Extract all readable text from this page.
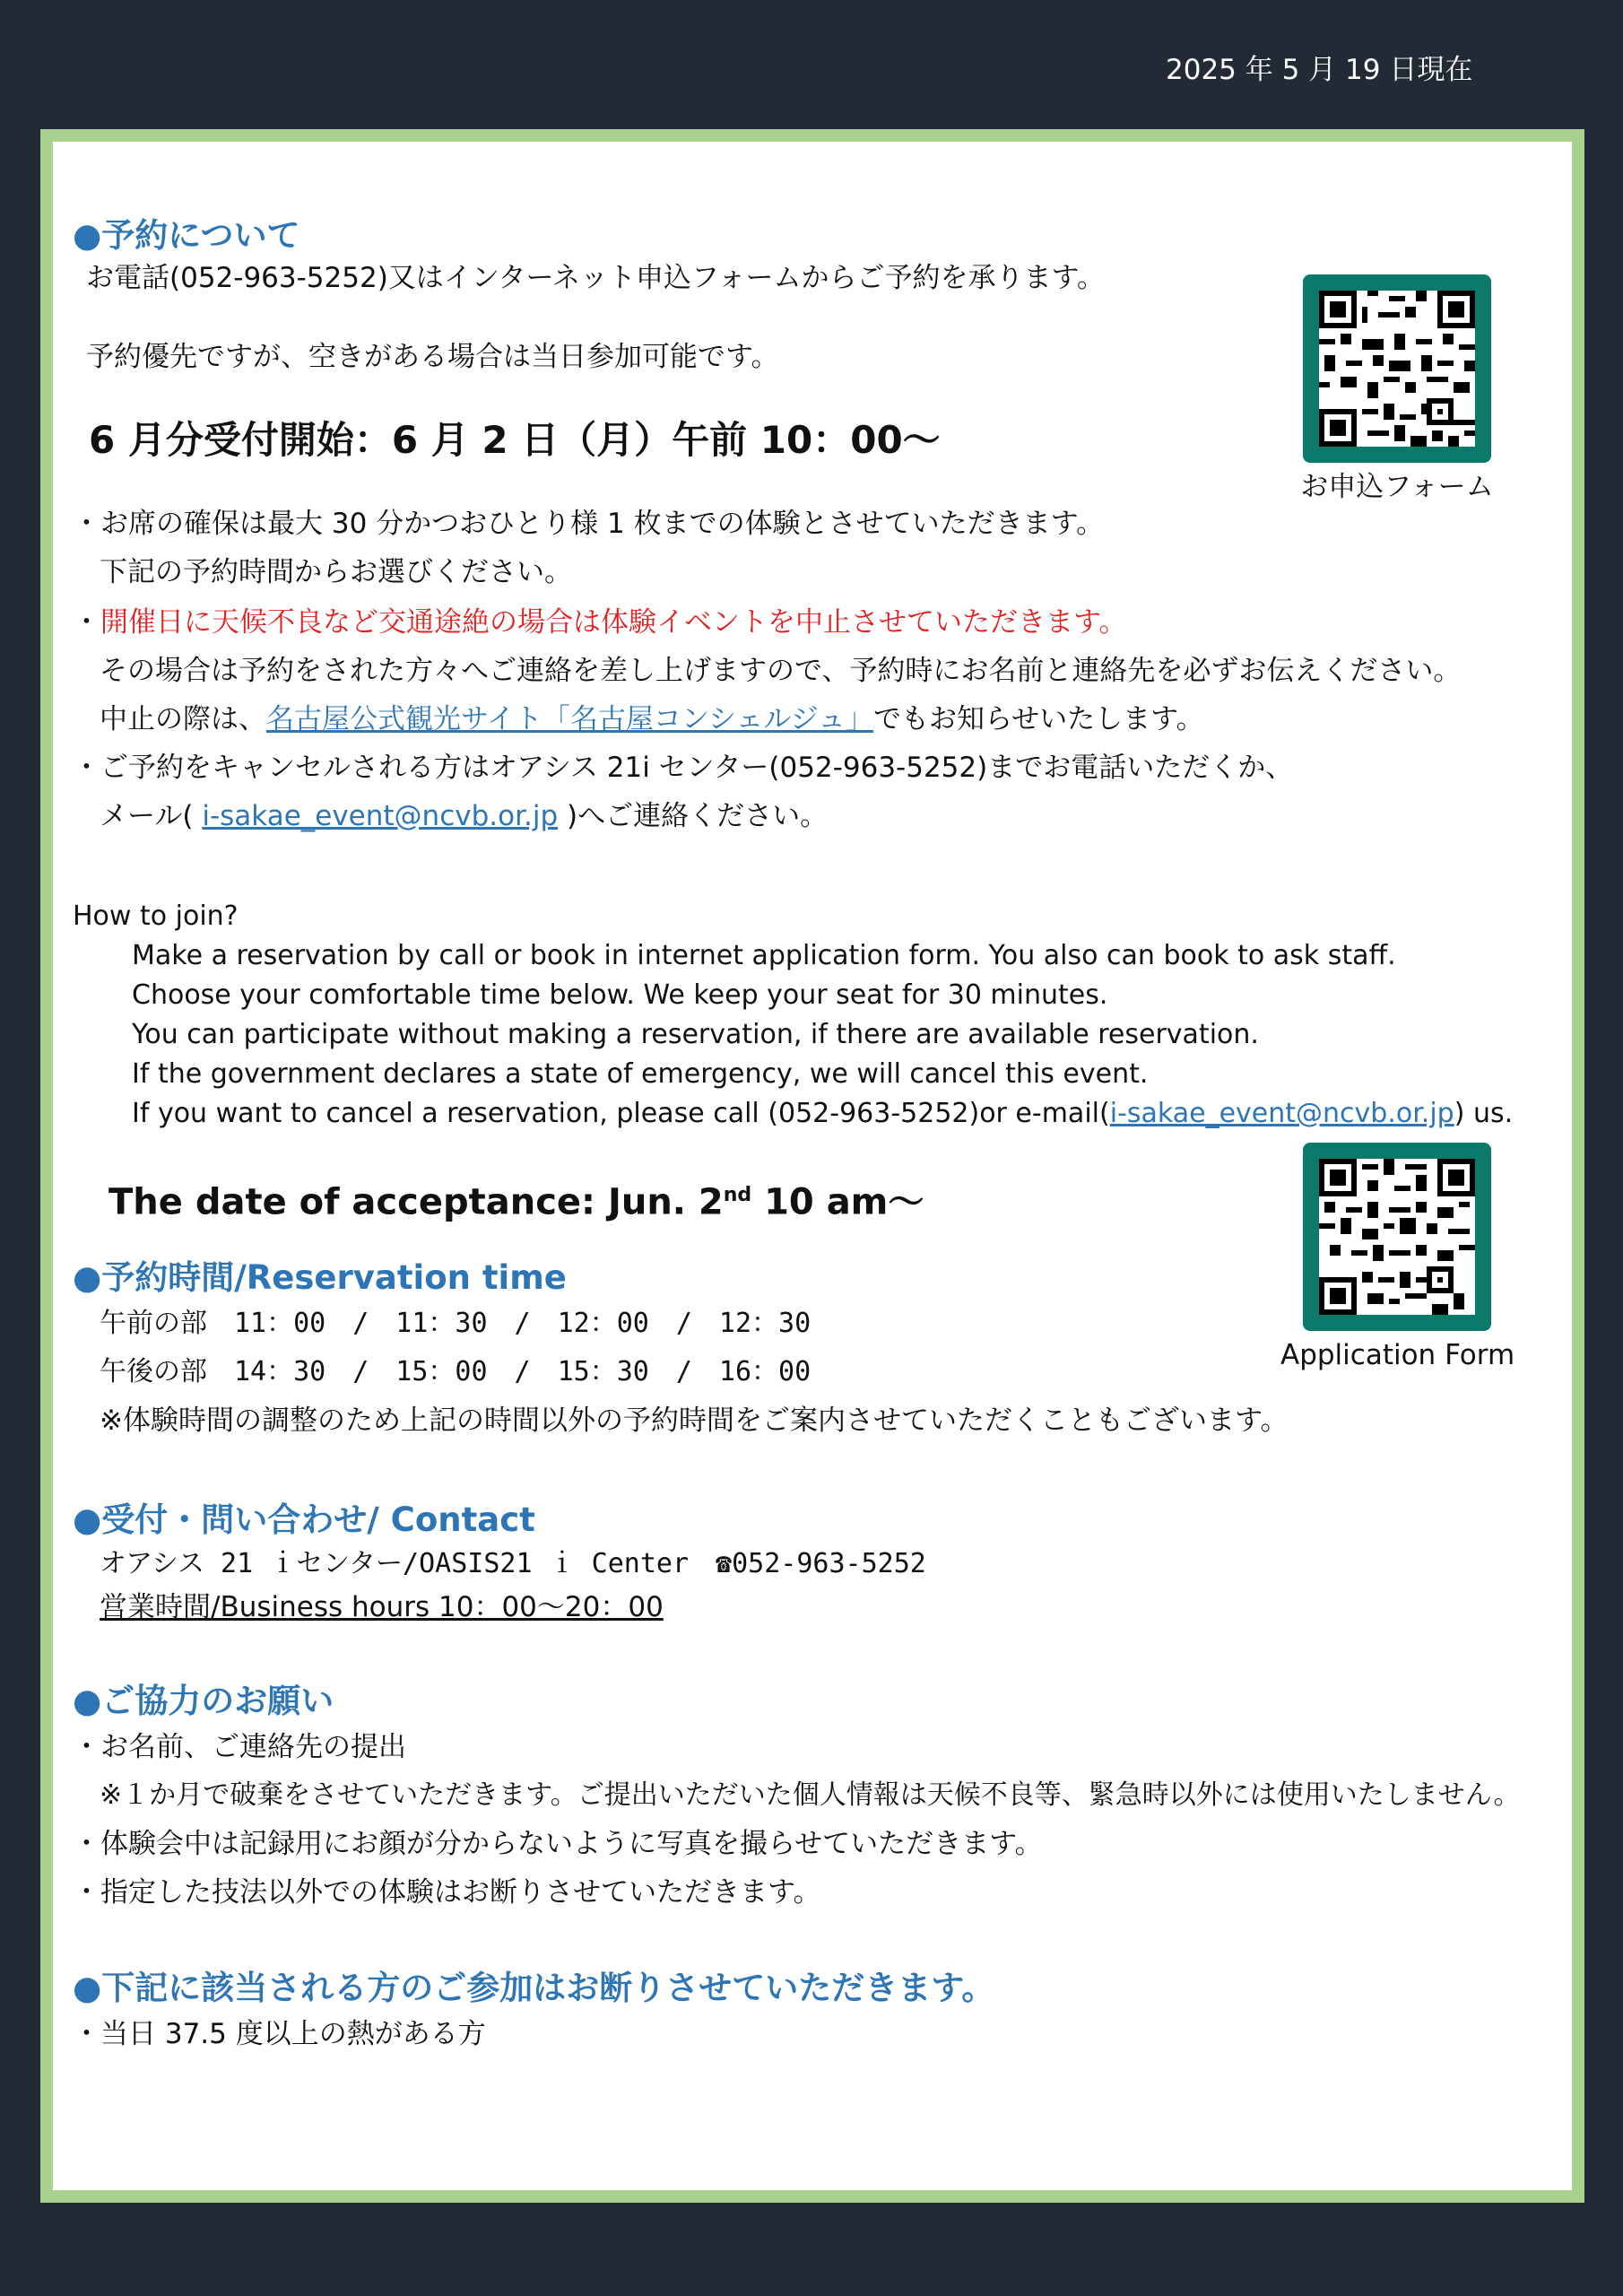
2025 年 5 月 19 日現在
●予約について
お電話(052-963-5252)又はインターネット申込フォームからご予約を承ります。
予約優先ですが、空きがある場合は当日参加可能です。
6 月分受付開始：6 月 2 日（月）午前 10：00～
・お席の確保は最大 30 分かつおひとり様 1 枚までの体験とさせていただきます。
下記の予約時間からお選びください。
・開催日に天候不良など交通途絶の場合は体験イベントを中止させていただきます。
その場合は予約をされた方々へご連絡を差し上げますので、予約時にお名前と連絡先を必ずお伝えください。
中止の際は、名古屋公式観光サイト「名古屋コンシェルジュ」でもお知らせいたします。
・ご予約をキャンセルされる方はオアシス 21i センター(052-963-5252)までお電話いただくか、
メール( i-sakae_event@ncvb.or.jp )へご連絡ください。
お申込フォーム
How to join?
Make a reservation by call or book in internet application form. You also can book to ask staff.
Choose your comfortable time below. We keep your seat for 30 minutes.
You can participate without making a reservation, if there are available reservation.
If the government declares a state of emergency, we will cancel this event.
If you want to cancel a reservation, please call (052-963-5252)or e-mail(i-sakae_event@ncvb.or.jp) us.
The date of acceptance: Jun. 2nd 10 am～
Application Form
●予約時間/Reservation time
午前の部　11：00　/　11：30　/　12：00　/　12：30
午後の部　14：30　/　15：00　/　15：30　/　16：00
※体験時間の調整のため上記の時間以外の予約時間をご案内させていただくこともございます。
●受付・問い合わせ/ Contact
オアシス 21 ｉセンター/OASIS21 ｉ Center　☎052-963-5252
営業時間/Business hours 10：00～20：00
●ご協力のお願い
・お名前、ご連絡先の提出
※１か月で破棄をさせていただきます。ご提出いただいた個人情報は天候不良等、緊急時以外には使用いたしません。
・体験会中は記録用にお顔が分からないように写真を撮らせていただきます。
・指定した技法以外での体験はお断りさせていただきます。
●下記に該当される方のご参加はお断りさせていただきます。
・当日 37.5 度以上の熱がある方
